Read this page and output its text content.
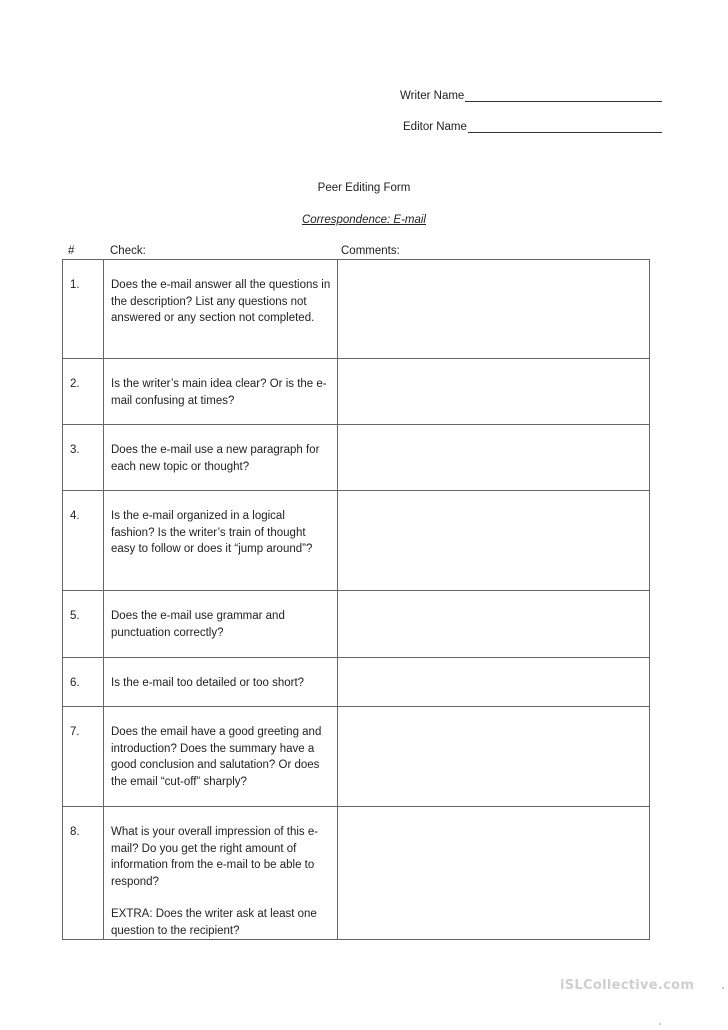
Writer Name
Editor Name
Peer Editing Form
Correspondence: E-mail
#	Check:	Comments:
1.	Does the e-mail answer all the questions in the description? List any questions not answered or any section not completed.	

2.	Is the writer’s main idea clear? Or is the e-mail confusing at times?	

3.	Does the e-mail use a new paragraph for each new topic or thought?	

4.	Is the e-mail organized in a logical fashion? Is the writer’s train of thought easy to follow or does it “jump around”?	

5.	Does the e-mail use grammar and punctuation correctly?	

6.	Is the e-mail too detailed or too short?	

7.	Does the email have a good greeting and introduction? Does the summary have a good conclusion and salutation? Or does the email “cut-off” sharply?	

8.	What is your overall impression of this e-mail? Do you get the right amount of information from the e-mail to be able to respond?
EXTRA: Does the writer ask at least one question to the recipient?	

iSLCollective.com
